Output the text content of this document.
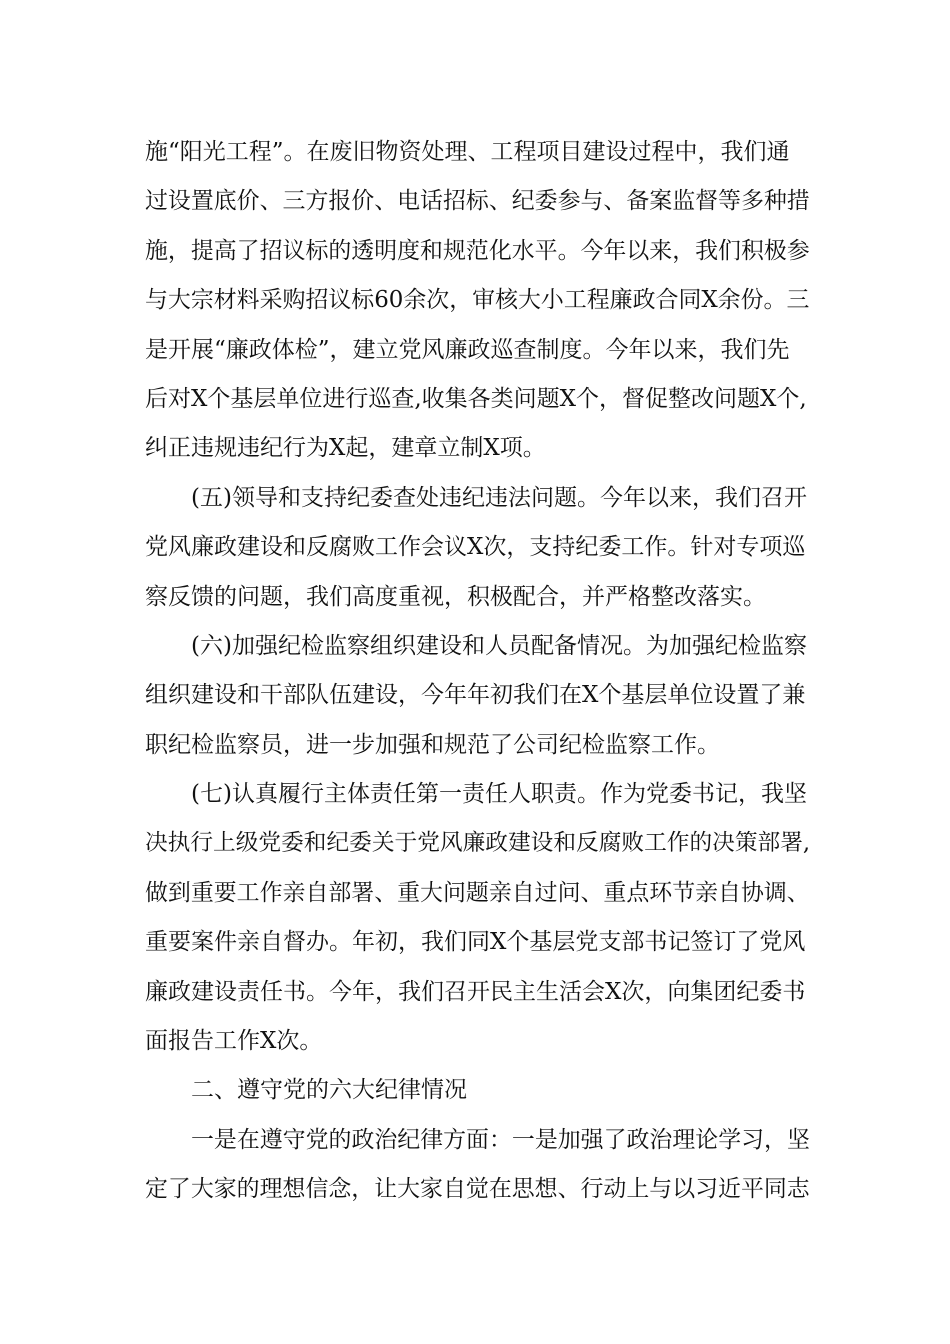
施“阳光工程”。在废旧物资处理、工程项目建设过程中，我们通
过设置底价、三方报价、电话招标、纪委参与、备案监督等多种措
施，提高了招议标的透明度和规范化水平。今年以来，我们积极参
与大宗材料采购招议标60余次，审核大小工程廉政合同X余份。三
是开展“廉政体检”，建立党风廉政巡查制度。今年以来，我们先
后对X个基层单位进行巡查,收集各类问题X个，督促整改问题X个,
纠正违规违纪行为X起，建章立制X项。
(五)领导和支持纪委查处违纪违法问题。今年以来，我们召开
党风廉政建设和反腐败工作会议X次，支持纪委工作。针对专项巡
察反馈的问题，我们高度重视，积极配合，并严格整改落实。
(六)加强纪检监察组织建设和人员配备情况。为加强纪检监察
组织建设和干部队伍建设，今年年初我们在X个基层单位设置了兼
职纪检监察员，进一步加强和规范了公司纪检监察工作。
(七)认真履行主体责任第一责任人职责。作为党委书记，我坚
决执行上级党委和纪委关于党风廉政建设和反腐败工作的决策部署,
做到重要工作亲自部署、重大问题亲自过问、重点环节亲自协调、
重要案件亲自督办。年初，我们同X个基层党支部书记签订了党风
廉政建设责任书。今年，我们召开民主生活会X次，向集团纪委书
面报告工作X次。
二、遵守党的六大纪律情况
一是在遵守党的政治纪律方面：一是加强了政治理论学习，坚
定了大家的理想信念，让大家自觉在思想、行动上与以习近平同志
